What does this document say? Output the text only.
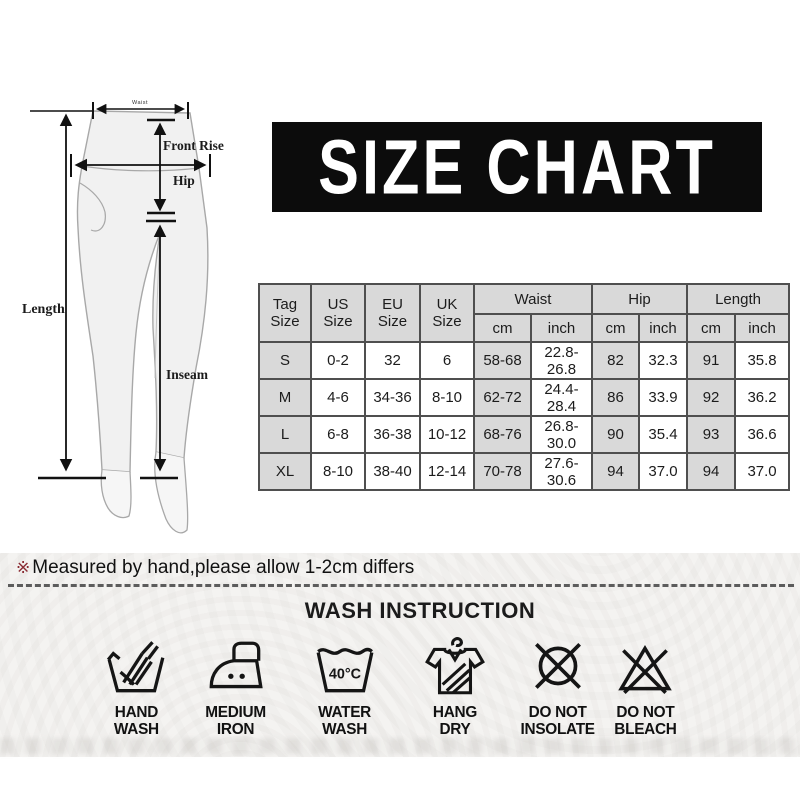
Waist
Front Rise
Hip
Length
Inseam
SIZE CHART
Tag Size	US Size	EU Size	UK Size	Waist		Hip		Length	
				cm	inch	cm	inch	cm	inch
S	0-2	32	6	58-68	22.8-26.8	82	32.3	91	35.8
M	4-6	34-36	8-10	62-72	24.4-28.4	86	33.9	92	36.2
L	6-8	36-38	10-12	68-76	26.8-30.0	90	35.4	93	36.6
XL	8-10	38-40	12-14	70-78	27.6-30.6	94	37.0	94	37.0
※ Measured by hand,please allow 1-2cm differs
WASH INSTRUCTION
HAND
WASH
MEDIUM
IRON
40°C
WATER
WASH
HANG
DRY
DO NOT
INSOLATE
DO NOT
BLEACH
